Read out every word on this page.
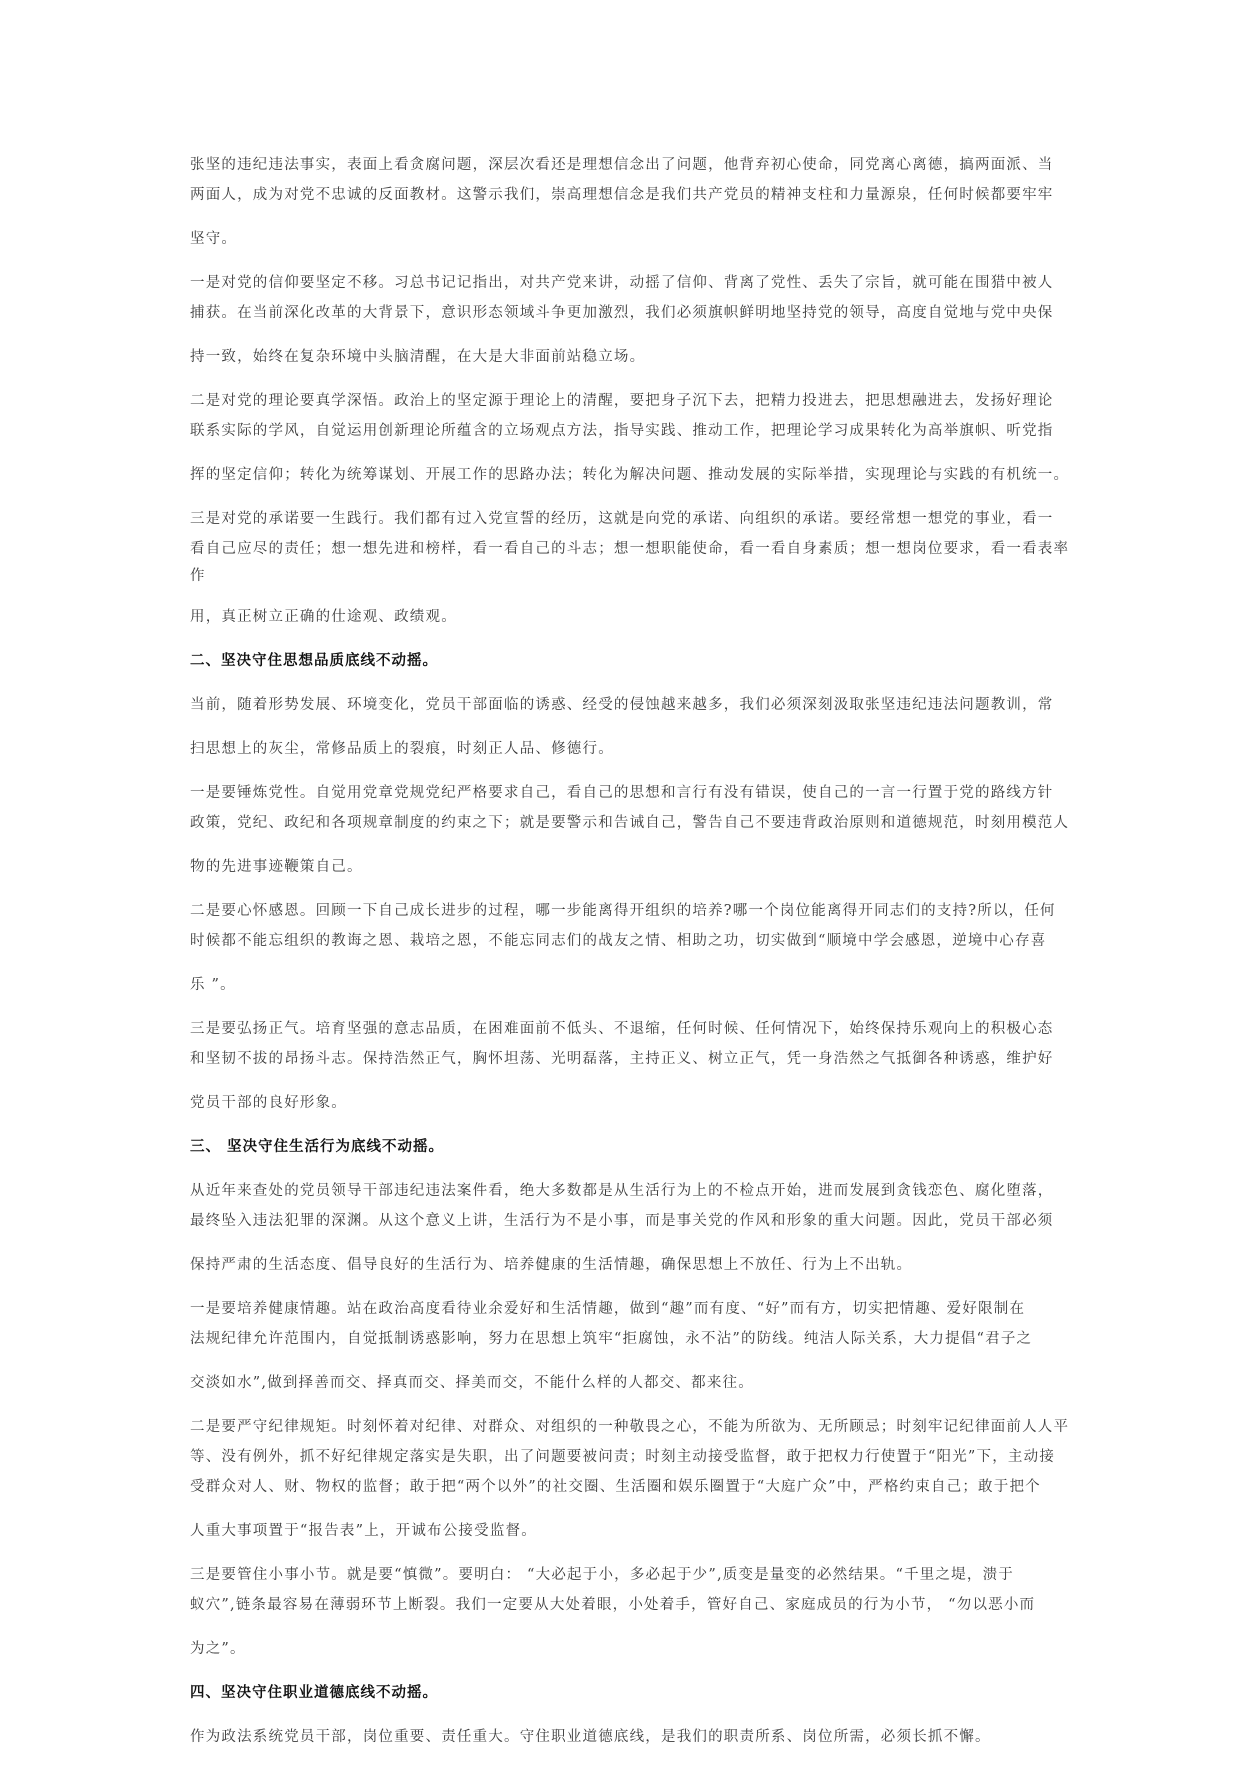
张坚的违纪违法事实，表面上看贪腐问题，深层次看还是理想信念出了问题，他背弃初心使命，同党离心离德，搞两面派、当
两面人，成为对党不忠诚的反面教材。这警示我们，崇高理想信念是我们共产党员的精神支柱和力量源泉，任何时候都要牢牢
坚守。

一是对党的信仰要坚定不移。习总书记记指出，对共产党来讲，动摇了信仰、背离了党性、丢失了宗旨，就可能在围猎中被人
捕获。在当前深化改革的大背景下，意识形态领域斗争更加激烈，我们必须旗帜鲜明地坚持党的领导，高度自觉地与党中央保
持一致，始终在复杂环境中头脑清醒，在大是大非面前站稳立场。

二是对党的理论要真学深悟。政治上的坚定源于理论上的清醒，要把身子沉下去，把精力投进去，把思想融进去，发扬好理论
联系实际的学风，自觉运用创新理论所蕴含的立场观点方法，指导实践、推动工作，把理论学习成果转化为高举旗帜、听党指
挥的坚定信仰；转化为统筹谋划、开展工作的思路办法；转化为解决问题、推动发展的实际举措，实现理论与实践的有机统一。

三是对党的承诺要一生践行。我们都有过入党宣誓的经历，这就是向党的承诺、向组织的承诺。要经常想一想党的事业，看一
看自己应尽的责任；想一想先进和榜样，看一看自己的斗志；想一想职能使命，看一看自身素质；想一想岗位要求，看一看表率
作
用，真正树立正确的仕途观、政绩观。

二、坚决守住思想品质底线不动摇。

当前，随着形势发展、环境变化，党员干部面临的诱惑、经受的侵蚀越来越多，我们必须深刻汲取张坚违纪违法问题教训，常
扫思想上的灰尘，常修品质上的裂痕，时刻正人品、修德行。

一是要锤炼党性。自觉用党章党规党纪严格要求自己，看自己的思想和言行有没有错误，使自己的一言一行置于党的路线方针
政策，党纪、政纪和各项规章制度的约束之下；就是要警示和告诫自己，警告自己不要违背政治原则和道德规范，时刻用模范人
物的先进事迹鞭策自己。

二是要心怀感恩。回顾一下自己成长进步的过程，哪一步能离得开组织的培养?哪一个岗位能离得开同志们的支持?所以，任何
时候都不能忘组织的教诲之恩、栽培之恩，不能忘同志们的战友之情、相助之功，切实做到“顺境中学会感恩，逆境中心存喜
乐 ”。

三是要弘扬正气。培育坚强的意志品质，在困难面前不低头、不退缩，任何时候、任何情况下，始终保持乐观向上的积极心态
和坚韧不拔的昂扬斗志。保持浩然正气，胸怀坦荡、光明磊落，主持正义、树立正气，凭一身浩然之气抵御各种诱惑，维护好
党员干部的良好形象。

三、 坚决守住生活行为底线不动摇。

从近年来查处的党员领导干部违纪违法案件看，绝大多数都是从生活行为上的不检点开始，进而发展到贪钱恋色、腐化堕落，
最终坠入违法犯罪的深渊。从这个意义上讲，生活行为不是小事，而是事关党的作风和形象的重大问题。因此，党员干部必须
保持严肃的生活态度、倡导良好的生活行为、培养健康的生活情趣，确保思想上不放任、行为上不出轨。

一是要培养健康情趣。站在政治高度看待业余爱好和生活情趣，做到“趣”而有度、“好”而有方，切实把情趣、爱好限制在
法规纪律允许范围内，自觉抵制诱惑影响，努力在思想上筑牢“拒腐蚀，永不沾”的防线。纯洁人际关系，大力提倡“君子之
交淡如水”,做到择善而交、择真而交、择美而交，不能什么样的人都交、都来往。

二是要严守纪律规矩。时刻怀着对纪律、对群众、对组织的一种敬畏之心，不能为所欲为、无所顾忌；时刻牢记纪律面前人人平
等、没有例外，抓不好纪律规定落实是失职，出了问题要被问责；时刻主动接受监督，敢于把权力行使置于“阳光”下，主动接
受群众对人、财、物权的监督；敢于把“两个以外”的社交圈、生活圈和娱乐圈置于“大庭广众”中，严格约束自己；敢于把个
人重大事项置于“报告表”上，开诚布公接受监督。

三是要管住小事小节。就是要“慎微”。要明白： “大必起于小，多必起于少”,质变是量变的必然结果。“千里之堤，溃于
蚁穴”,链条最容易在薄弱环节上断裂。我们一定要从大处着眼，小处着手，管好自己、家庭成员的行为小节， “勿以恶小而
为之”。

四、坚决守住职业道德底线不动摇。

作为政法系统党员干部，岗位重要、责任重大。守住职业道德底线，是我们的职责所系、岗位所需，必须长抓不懈。
